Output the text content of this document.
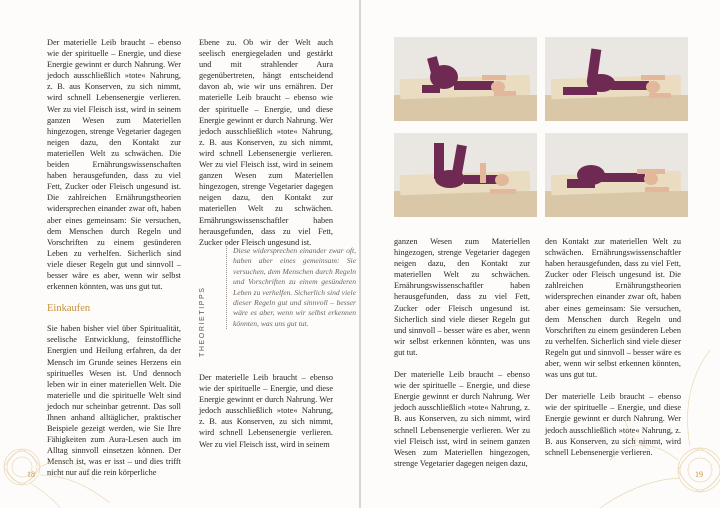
Der materielle Leib braucht – ebenso wie der spirituelle – Energie, und diese Energie gewinnt er durch Nahrung. Wer jedoch ausschließlich »tote« Nahrung, z. B. aus Konserven, zu sich nimmt, wird schnell Lebensenergie verlieren. Wer zu viel Fleisch isst, wird in seinem ganzen Wesen zum Materiellen hingezogen, strenge Vegetarier dagegen neigen dazu, den Kontakt zur materiellen Welt zu schwächen. Die beiden Ernährungswissenschaften haben herausgefunden, dass zu viel Fett, Zucker oder Fleisch ungesund ist. Die zahlreichen Ernährungstheorien widersprechen einander zwar oft, haben aber eines gemeinsam: Sie versuchen, dem Menschen durch Regeln und Vorschriften zu einem gesünderen Leben zu verhelfen. Sicherlich sind viele dieser Regeln gut und sinnvoll – besser wäre es aber, wenn wir selbst erkennen könnten, was uns gut tut.

Einkaufen

Sie haben bisher viel über Spiritualität, seelische Entwicklung, feinstoffliche Energien und Heilung erfahren, da der Mensch im Grunde seines Herzens ein spirituelles Wesen ist. Und dennoch leben wir in einer materiellen Welt. Die materielle und die spirituelle Welt sind jedoch nur scheinbar getrennt. Das soll Ihnen anhand alltäglicher, praktischer Beispiele gezeigt werden, wie Sie Ihre Fähigkeiten zum Aura-Lesen auch im Alltag sinnvoll einsetzen können. Der Mensch ist, was er isst – und dies trifft nicht nur auf die rein körperliche

Ebene zu. Ob wir der Welt auch seelisch energiegeladen und gestärkt und mit strahlender Aura gegenübertreten, hängt entscheidend davon ab, wie wir uns ernähren. Der materielle Leib braucht – ebenso wie der spirituelle – Energie, und diese Energie gewinnt er durch Nahrung. Wer jedoch ausschließlich »tote« Nahrung, z. B. aus Konserven, zu sich nimmt, wird schnell Lebensenergie verlieren. Wer zu viel Fleisch isst, wird in seinem ganzen Wesen zum Materiellen hingezogen, strenge Vegetarier dagegen neigen dazu, den Kontakt zur materiellen Welt zu schwächen. Ernährungswissenschaftler haben herausgefunden, dass zu viel Fett, Zucker oder Fleisch ungesund ist.

Diese widersprechen einander zwar oft, haben aber eines gemeinsam: Sie versuchen, dem Menschen durch Regeln und Vorschriften zu einem gesünderen Leben zu verhelfen. Sicherlich sind viele dieser Regeln gut und sinnvoll – besser wäre es aber, wenn wir selbst erkennen könnten, was uns gut tut.
THEORIETIPPS

Der materielle Leib braucht – ebenso wie der spirituelle – Energie, und diese Energie gewinnt er durch Nahrung. Wer jedoch ausschließlich »tote« Nahrung, z. B. aus Konserven, zu sich nimmt, wird schnell Lebensenergie verlieren. Wer zu viel Fleisch isst, wird in seinem

18

ganzen Wesen zum Materiellen hingezogen, strenge Vegetarier dagegen neigen dazu, den Kontakt zur materiellen Welt zu schwächen. Ernährungswissenschaftler haben herausgefunden, dass zu viel Fett, Zucker oder Fleisch ungesund ist. Sicherlich sind viele dieser Regeln gut und sinnvoll – besser wäre es aber, wenn wir selbst erkennen könnten, was uns gut tut.

Der materielle Leib braucht – ebenso wie der spirituelle – Energie, und diese Energie gewinnt er durch Nahrung. Wer jedoch ausschließlich »tote« Nahrung, z. B. aus Konserven, zu sich nimmt, wird schnell Lebensenergie verlieren. Wer zu viel Fleisch isst, wird in seinem ganzen Wesen zum Materiellen hingezogen, strenge Vegetarier dagegen neigen dazu,

den Kontakt zur materiellen Welt zu schwächen. Ernährungswissenschaftler haben herausgefunden, dass zu viel Fett, Zucker oder Fleisch ungesund ist. Die zahlreichen Ernährungstheorien widersprechen einander zwar oft, haben aber eines gemeinsam: Sie versuchen, dem Menschen durch Regeln und Vorschriften zu einem gesünderen Leben zu verhelfen. Sicherlich sind viele dieser Regeln gut und sinnvoll – besser wäre es aber, wenn wir selbst erkennen könnten, was uns gut tut.

Der materielle Leib braucht – ebenso wie der spirituelle – Energie, und diese Energie gewinnt er durch Nahrung. Wer jedoch ausschließlich »tote« Nahrung, z. B. aus Konserven, zu sich nimmt, wird schnell Lebensenergie verlieren.

19
